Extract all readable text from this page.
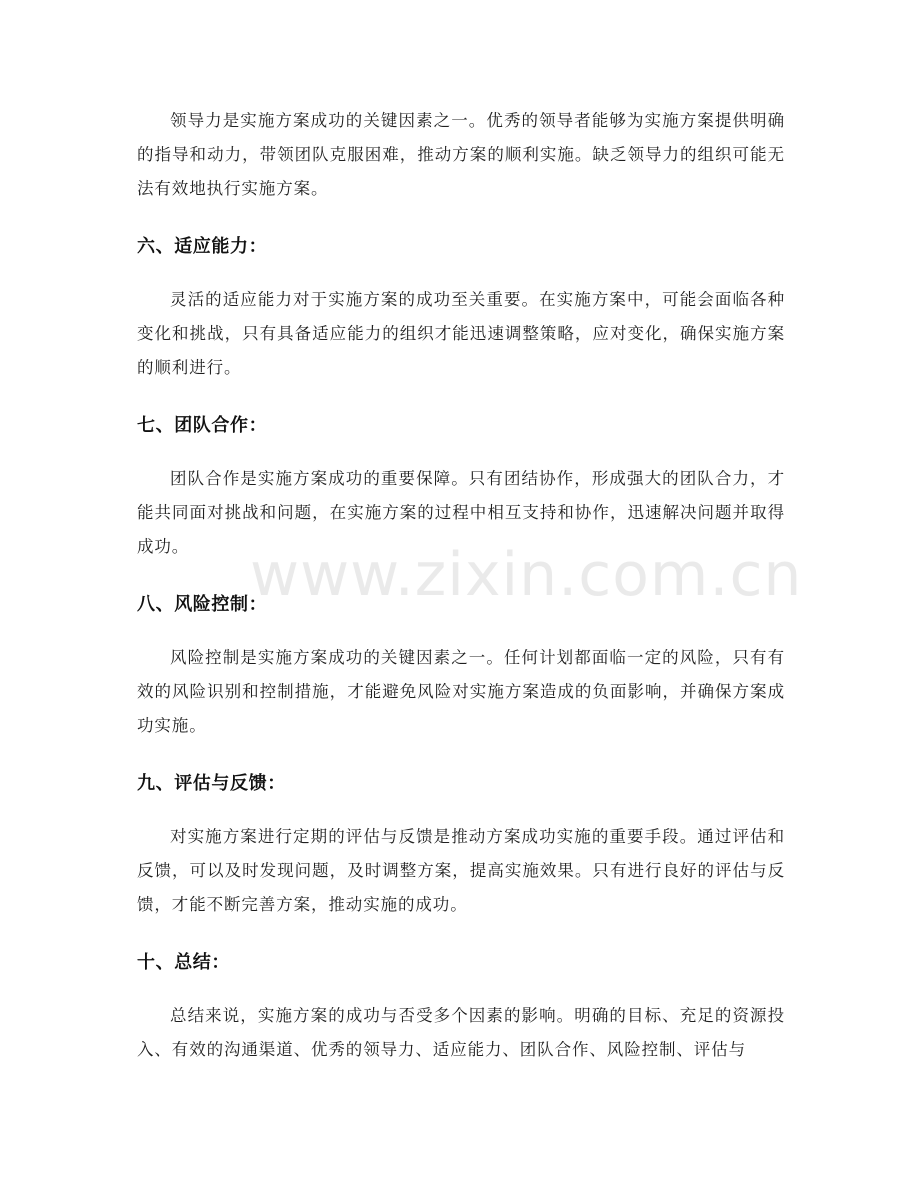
领导力是实施方案成功的关键因素之一。优秀的领导者能够为实施方案提供明确的指导和动力，带领团队克服困难，推动方案的顺利实施。缺乏领导力的组织可能无法有效地执行实施方案。

六、适应能力：

灵活的适应能力对于实施方案的成功至关重要。在实施方案中，可能会面临各种变化和挑战，只有具备适应能力的组织才能迅速调整策略，应对变化，确保实施方案的顺利进行。

七、团队合作：

团队合作是实施方案成功的重要保障。只有团结协作，形成强大的团队合力，才能共同面对挑战和问题，在实施方案的过程中相互支持和协作，迅速解决问题并取得成功。

八、风险控制：

风险控制是实施方案成功的关键因素之一。任何计划都面临一定的风险，只有有效的风险识别和控制措施，才能避免风险对实施方案造成的负面影响，并确保方案成功实施。

九、评估与反馈：

对实施方案进行定期的评估与反馈是推动方案成功实施的重要手段。通过评估和反馈，可以及时发现问题，及时调整方案，提高实施效果。只有进行良好的评估与反馈，才能不断完善方案，推动实施的成功。

十、总结：

总结来说，实施方案的成功与否受多个因素的影响。明确的目标、充足的资源投入、有效的沟通渠道、优秀的领导力、适应能力、团队合作、风险控制、评估与

www.zixin.com.cn
